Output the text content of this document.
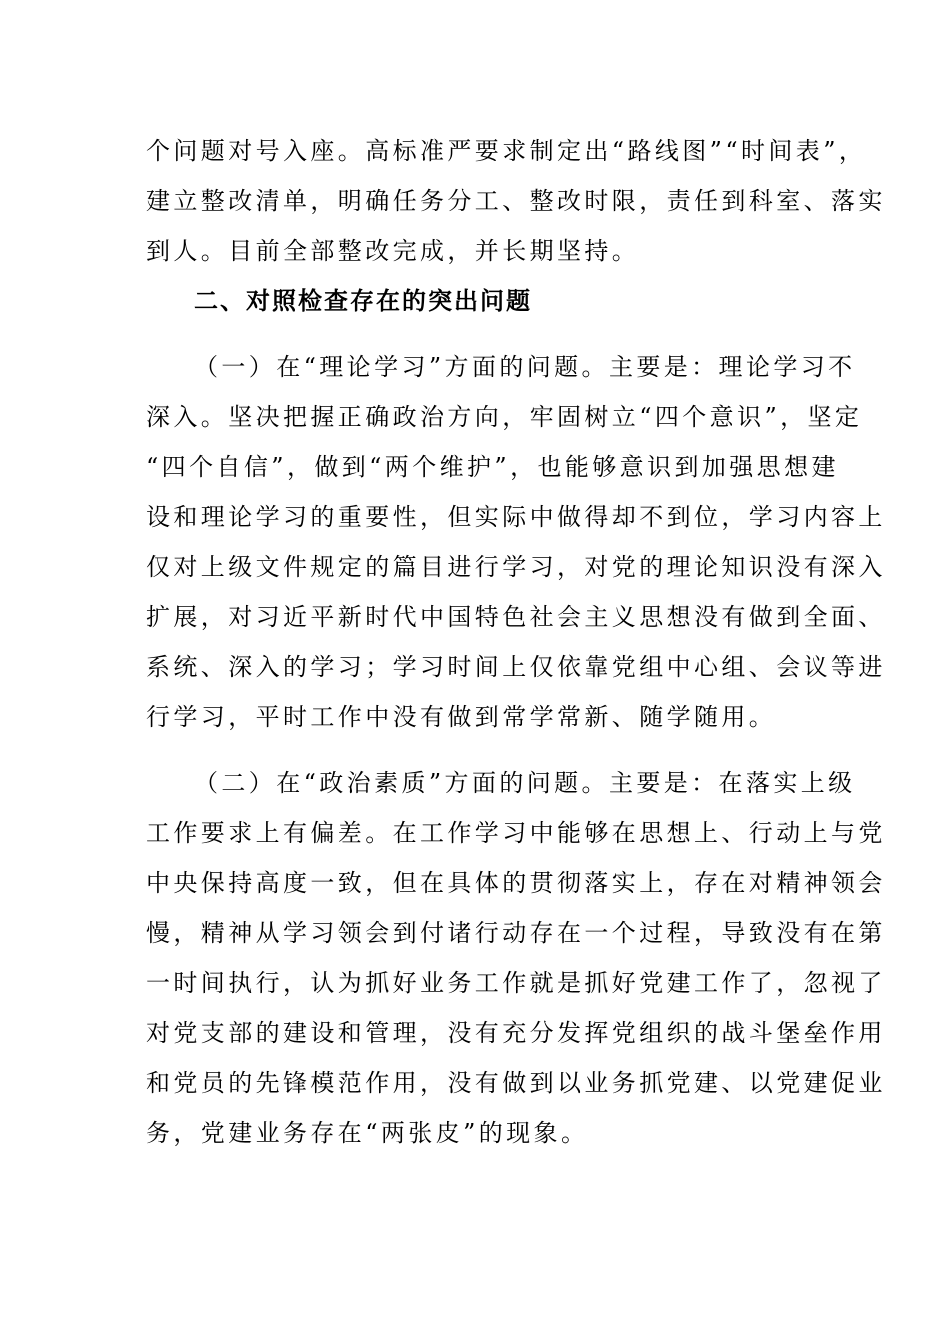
个问题对号入座。高标准严要求制定出“路线图”“时间表”，
建立整改清单，明确任务分工、整改时限，责任到科室、落实
到人。目前全部整改完成，并长期坚持。
二、对照检查存在的突出问题
（一）在“理论学习”方面的问题。主要是：理论学习不
深入。坚决把握正确政治方向，牢固树立“四个意识”，坚定
“四个自信”，做到“两个维护”，也能够意识到加强思想建
设和理论学习的重要性，但实际中做得却不到位，学习内容上
仅对上级文件规定的篇目进行学习，对党的理论知识没有深入
扩展，对习近平新时代中国特色社会主义思想没有做到全面、
系统、深入的学习；学习时间上仅依靠党组中心组、会议等进
行学习，平时工作中没有做到常学常新、随学随用。
（二）在“政治素质”方面的问题。主要是：在落实上级
工作要求上有偏差。在工作学习中能够在思想上、行动上与党
中央保持高度一致，但在具体的贯彻落实上，存在对精神领会
慢，精神从学习领会到付诸行动存在一个过程，导致没有在第
一时间执行，认为抓好业务工作就是抓好党建工作了，忽视了
对党支部的建设和管理，没有充分发挥党组织的战斗堡垒作用
和党员的先锋模范作用，没有做到以业务抓党建、以党建促业
务，党建业务存在“两张皮”的现象。
